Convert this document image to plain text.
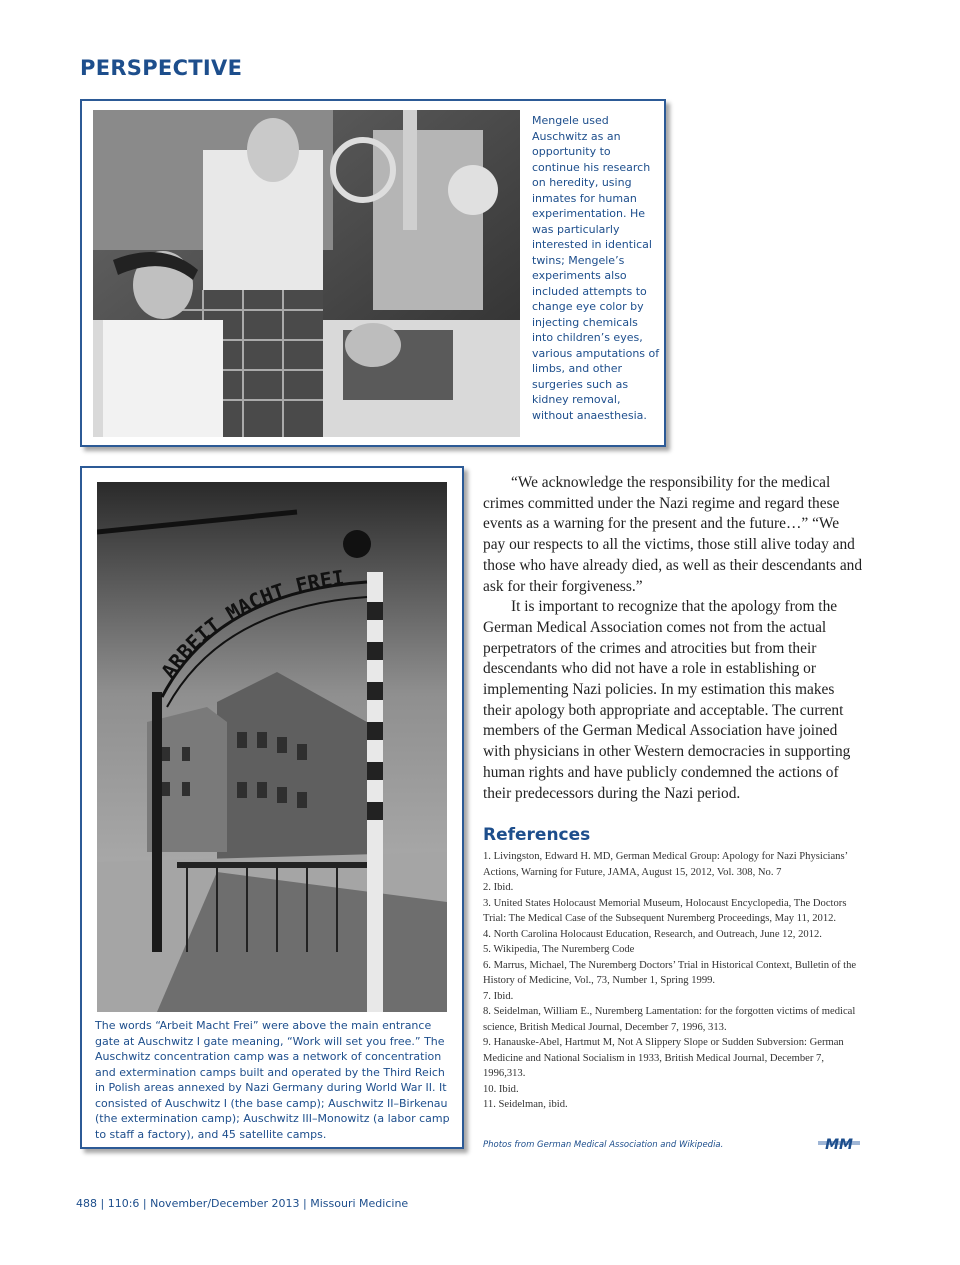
PERSPECTIVE
Mengele used Auschwitz as an opportunity to continue his research on heredity, using inmates for human experimentation. He was particularly interested in identical twins; Mengele’s experiments also included attempts to change eye color by injecting chemicals into children’s eyes, various amputations of limbs, and other surgeries such as kidney removal, without anaesthesia.
ARBEIT MACHT FREI
The words “Arbeit Macht Frei” were above the main entrance gate at Auschwitz I gate meaning, “Work will set you free.” The Auschwitz concentration camp was a network of concentration and extermination camps built and operated by the Third Reich in Polish areas annexed by Nazi Germany during World War II. It consisted of Auschwitz I (the base camp); Auschwitz II–Birkenau (the extermination camp); Auschwitz III–Monowitz (a labor camp to staff a factory), and 45 satellite camps.

“We acknowledge the responsibility for the medical crimes committed under the Nazi regime and regard these events as a warning for the present and the future…” “We pay our respects to all the victims, those still alive today and those who have already died, as well as their descendants and ask for their forgiveness.”

It is important to recognize that the apology from the German Medical Association comes not from the actual perpetrators of the crimes and atrocities but from their descendants who did not have a role in establishing or implementing Nazi policies. In my estimation this makes their apology both appropriate and acceptable. The current members of the German Medical Association have joined with physicians in other Western democracies in supporting human rights and have publicly condemned the actions of their predecessors during the Nazi period.

References
1. Livingston, Edward H. MD, German Medical Group: Apology for Nazi Physicians’ Actions, Warning for Future, JAMA, August 15, 2012, Vol. 308, No. 7
2. Ibid.
3. United States Holocaust Memorial Museum, Holocaust Encyclopedia, The Doctors Trial: The Medical Case of the Subsequent Nuremberg Proceedings, May 11, 2012.
4. North Carolina Holocaust Education, Research, and Outreach, June 12, 2012.
5. Wikipedia, The Nuremberg Code
6. Marrus, Michael, The Nuremberg Doctors’ Trial in Historical Context, Bulletin of the History of Medicine, Vol., 73, Number 1, Spring 1999.
7. Ibid.
8. Seidelman, William E., Nuremberg Lamentation: for the forgotten victims of medical science, British Medical Journal, December 7, 1996, 313.
9. Hanauske-Abel, Hartmut M, Not A Slippery Slope or Sudden Subversion: German Medicine and National Socialism in 1933, British Medical Journal, December 7, 1996,313.
10. Ibid.
11. Seidelman, ibid.
Photos from German Medical Association and Wikipedia.	MM
488 | 110:6 | November/December 2013 | Missouri Medicine
